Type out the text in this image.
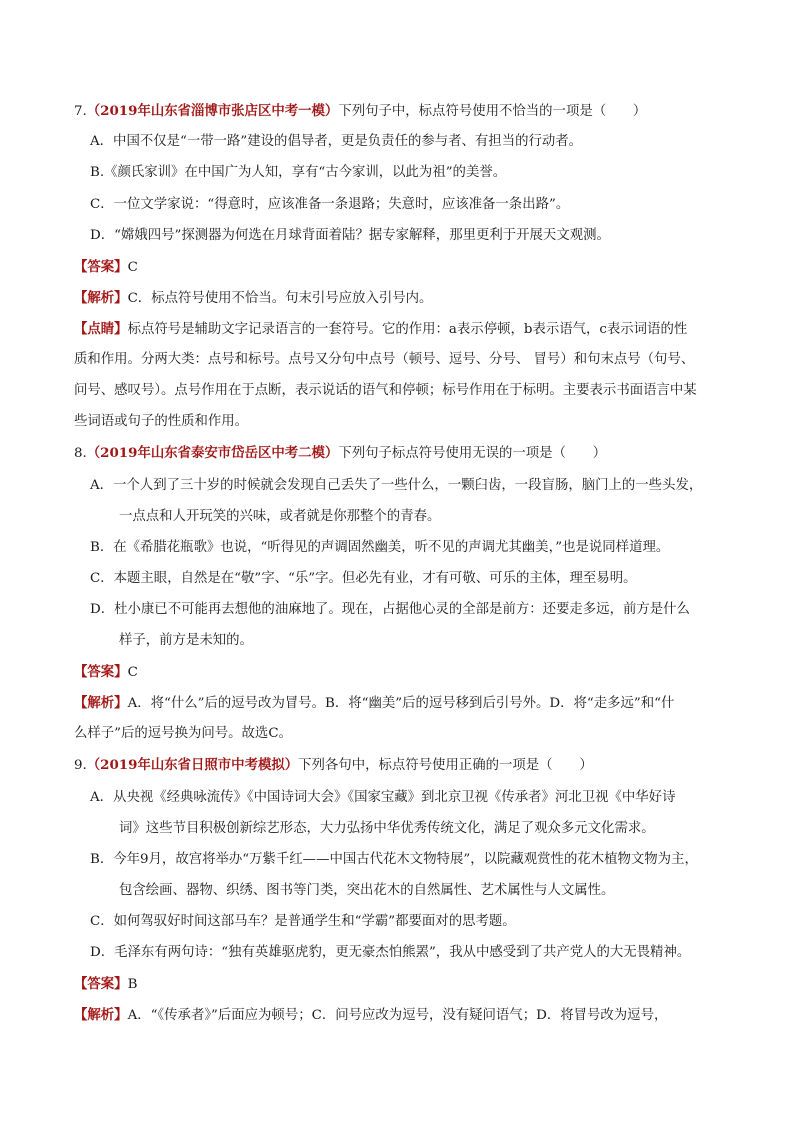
7.（2019年山东省淄博市张店区中考一模）下列句子中，标点符号使用不恰当的一项是（　　）
A．中国不仅是“一带一路”建设的倡导者，更是负责任的参与者、有担当的行动者。
B.《颜氏家训》在中国广为人知，享有“古今家训，以此为祖”的美誉。
C．一位文学家说：“得意时，应该准备一条退路；失意时，应该准备一条出路”。
D．“嫦娥四号”探测器为何选在月球背面着陆？据专家解释，那里更利于开展天文观测。
【 答案 】 C
【 解析 】 C．标点符号使用不恰当。句末引号应放入引号内。
【 点睛 】 标点符号是辅助文字记录语言的一套符号。它的作用：a表示停顿，b表示语气，c表示词语的性
质和作用。分两大类：点号和标号。点号又分句中点号（顿号、逗号、分号、 冒号）和句末点号（句号、
问号、感叹号）。点号作用在于点断，表示说话的语气和停顿；标号作用在于标明。主要表示书面语言中某
些词语或句子的性质和作用。
8.（2019年山东省泰安市岱岳区中考二模）下列句子标点符号使用无误的一项是（　　）
A．一个人到了三十岁的时候就会发现自己丢失了一些什么，一颗臼齿，一段盲肠，脑门上的一些头发，
一点点和人开玩笑的兴味，或者就是你那整个的青春。
B．在《希腊花瓶歌》也说，“听得见的声调固然幽美，听不见的声调尤其幽美，”也是说同样道理。
C．本题主眼，自然是在“敬”字、“乐”字。但必先有业，才有可敬、可乐的主体，理至易明。
D．杜小康已不可能再去想他的油麻地了。现在，占据他心灵的全部是前方：还要走多远，前方是什么
样子，前方是未知的。
【 答案 】 C
【 解析 】 A．将“什么”后的逗号改为冒号。B．将“幽美”后的逗号移到后引号外。D．将“走多远”和“什
么样子”后的逗号换为问号。故选C。
9.（2019年山东省日照市中考模拟）下列各句中，标点符号使用正确的一项是（　　）
A．从央视《经典咏流传》《中国诗词大会》《国家宝藏》到北京卫视《传承者》河北卫视《中华好诗
词》这些节目积极创新综艺形态，大力弘扬中华优秀传统文化，满足了观众多元文化需求。
B．今年9月，故宫将举办“万紫千红——中国古代花木文物特展”，以院藏观赏性的花木植物文物为主，
包含绘画、器物、织绣、图书等门类，突出花木的自然属性、艺术属性与人文属性。
C．如何驾驭好时间这部马车？是普通学生和“学霸”都要面对的思考题。
D．毛泽东有两句诗：“独有英雄驱虎豹，更无豪杰怕熊罴”，我从中感受到了共产党人的大无畏精神。
【 答案 】 B
【 解析 】 A．“《传承者》”后面应为顿号；C．问号应改为逗号，没有疑问语气；D．将冒号改为逗号，
